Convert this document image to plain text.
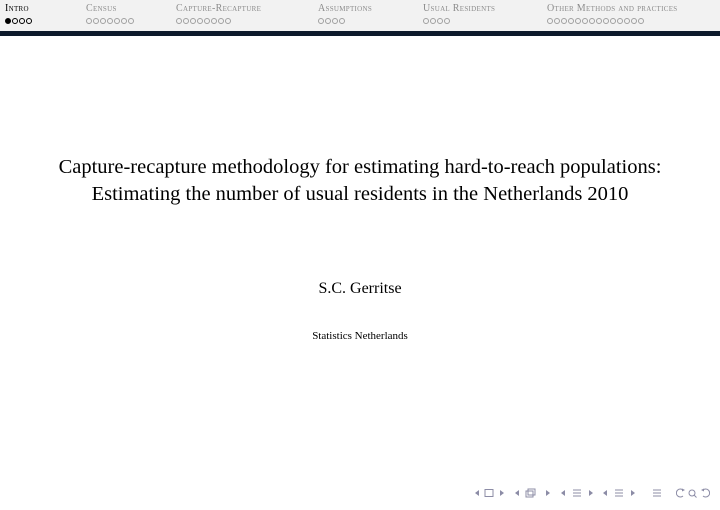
Intro	Census	Capture-Recapture	Assumptions	Usual Residents	Other Methods and practices
Capture-recapture methodology for estimating hard-to-reach populations: Estimating the number of usual residents in the Netherlands 2010
S.C. Gerritse
Statistics Netherlands
